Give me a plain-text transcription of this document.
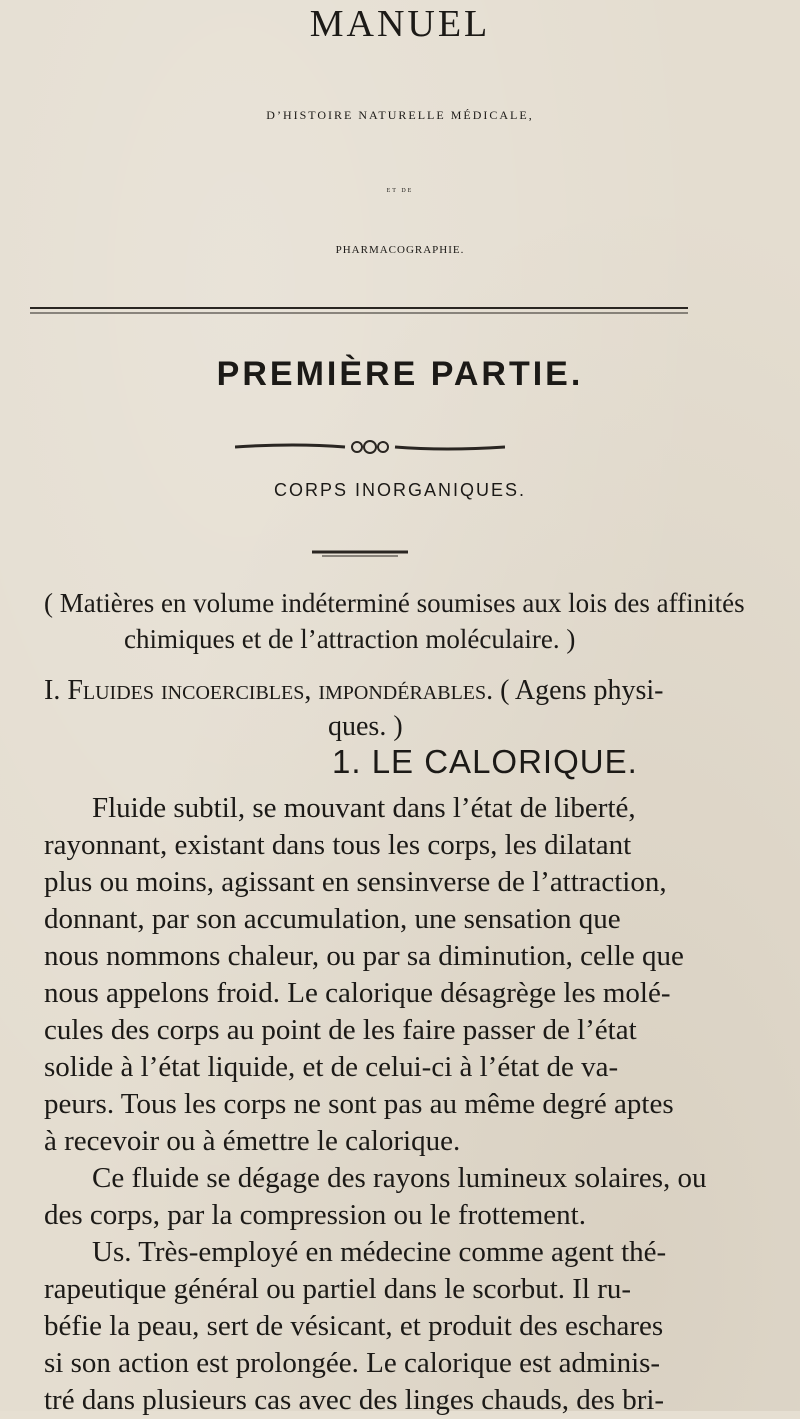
MANUEL
D’HISTOIRE NATURELLE MÉDICALE,
ET DE
PHARMACOGRAPHIE.
PREMIÈRE PARTIE.
CORPS INORGANIQUES.
( Matières en volume indéterminé soumises aux lois des affinités
chimiques et de l’attraction moléculaire. )
I. Fluides incoercibles, impondérables. ( Agens physi-
ques. )
1. LE CALORIQUE.
Fluide subtil, se mouvant dans l’état de liberté,
rayonnant, existant dans tous les corps, les dilatant
plus ou moins, agissant en sensinverse de l’attraction,
donnant, par son accumulation, une sensation que
nous nommons chaleur, ou par sa diminution, celle que
nous appelons froid. Le calorique désagrège les molé-
cules des corps au point de les faire passer de l’état
solide à l’état liquide, et de celui-ci à l’état de va-
peurs. Tous les corps ne sont pas au même degré aptes
à recevoir ou à émettre le calorique.
Ce fluide se dégage des rayons lumineux solaires, ou
des corps, par la compression ou le frottement.
Us. Très-employé en médecine comme agent thé-
rapeutique général ou partiel dans le scorbut. Il ru-
béfie la peau, sert de vésicant, et produit des eschares
si son action est prolongée. Le calorique est adminis-
tré dans plusieurs cas avec des linges chauds, des bri-
